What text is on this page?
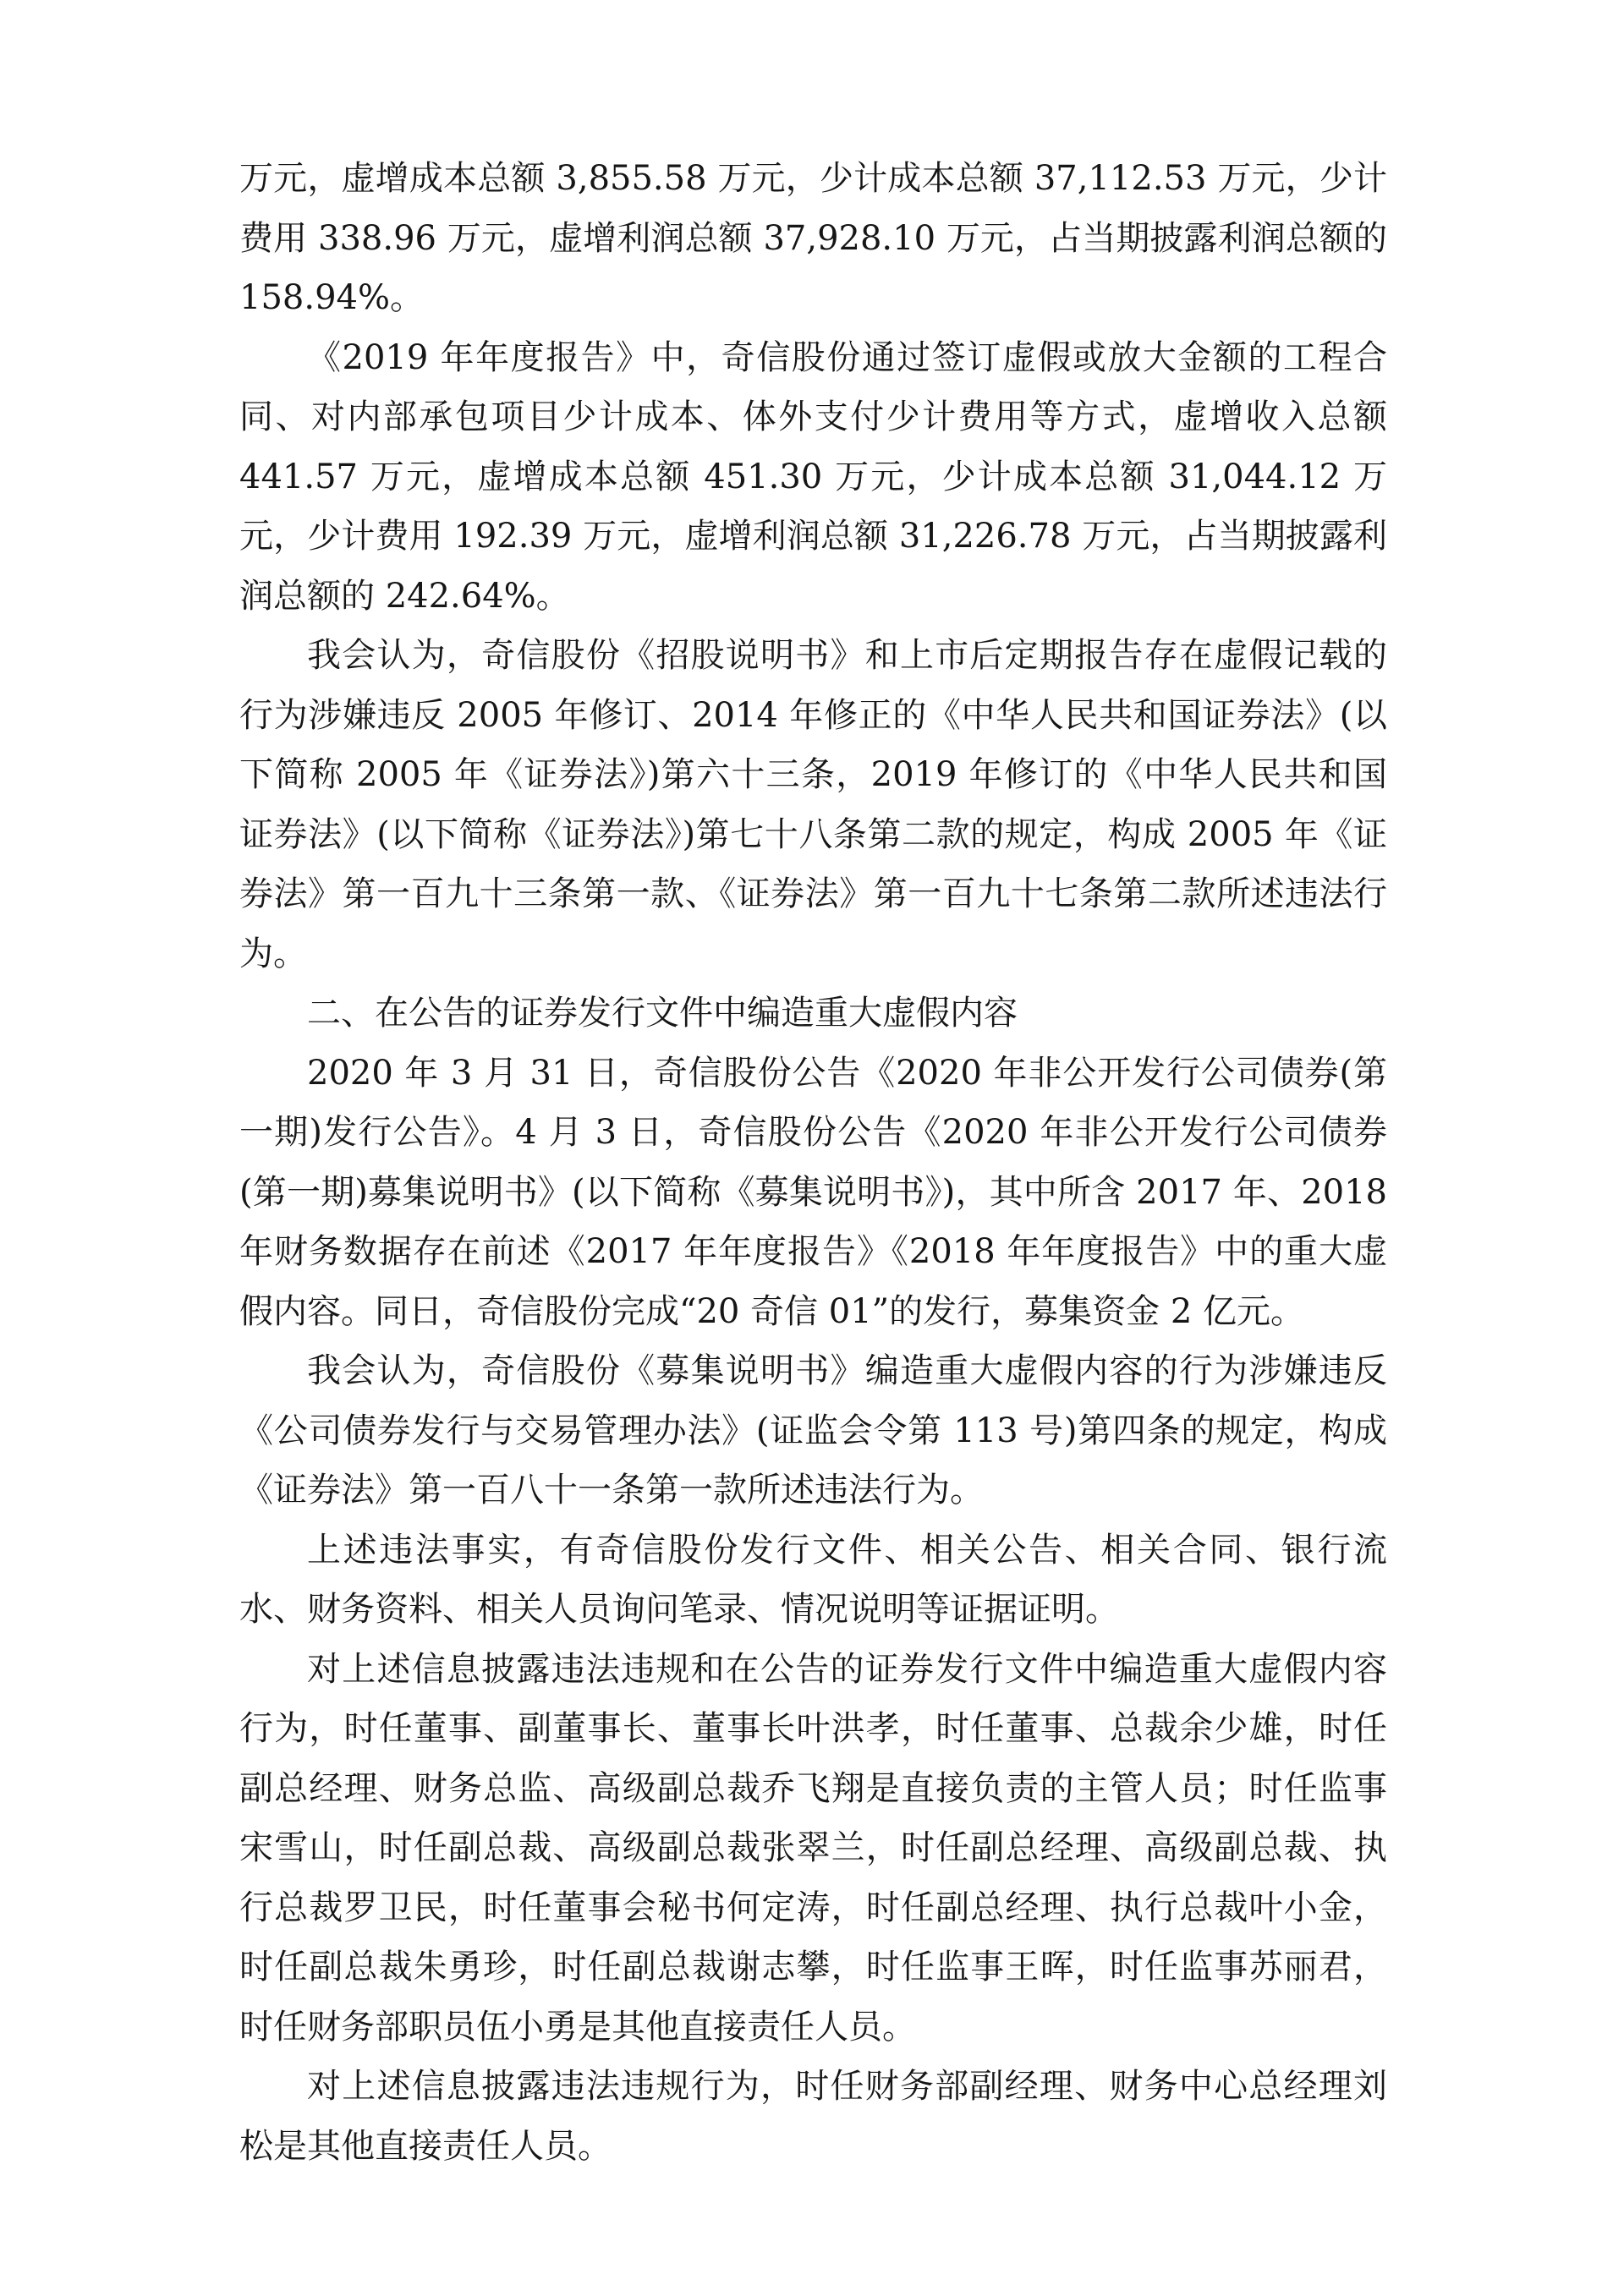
万元，虚增成本总额 3,855.58 万元，少计成本总额 37,112.53 万元，少计费用 338.96 万元，虚增利润总额 37,928.10 万元，占当期披露利润总额的 158.94%。

《2019 年年度报告》中，奇信股份通过签订虚假或放大金额的工程合同、对内部承包项目少计成本、体外支付少计费用等方式，虚增收入总额 441.57 万元，虚增成本总额 451.30 万元，少计成本总额 31,044.12 万元，少计费用 192.39 万元，虚增利润总额 31,226.78 万元，占当期披露利润总额的 242.64%。

我会认为，奇信股份《招股说明书》和上市后定期报告存在虚假记载的行为涉嫌违反 2005 年修订、2014 年修正的《中华人民共和国证券法》(以下简称 2005 年《证券法》)第六十三条，2019 年修订的《中华人民共和国证券法》(以下简称《证券法》)第七十八条第二款的规定，构成 2005 年《证券法》第一百九十三条第一款、《证券法》第一百九十七条第二款所述违法行为。

二、在公告的证券发行文件中编造重大虚假内容

2020 年 3 月 31 日，奇信股份公告《2020 年非公开发行公司债券(第一期)发行公告》。4 月 3 日，奇信股份公告《2020 年非公开发行公司债券(第一期)募集说明书》(以下简称《募集说明书》)，其中所含 2017 年、2018 年财务数据存在前述《2017 年年度报告》《2018 年年度报告》中的重大虚假内容。同日，奇信股份完成“20 奇信 01”的发行，募集资金 2 亿元。

我会认为，奇信股份《募集说明书》编造重大虚假内容的行为涉嫌违反《公司债券发行与交易管理办法》(证监会令第 113 号)第四条的规定，构成《证券法》第一百八十一条第一款所述违法行为。

上述违法事实，有奇信股份发行文件、相关公告、相关合同、银行流水、财务资料、相关人员询问笔录、情况说明等证据证明。

对上述信息披露违法违规和在公告的证券发行文件中编造重大虚假内容行为，时任董事、副董事长、董事长叶洪孝，时任董事、总裁余少雄，时任副总经理、财务总监、高级副总裁乔飞翔是直接负责的主管人员；时任监事宋雪山，时任副总裁、高级副总裁张翠兰，时任副总经理、高级副总裁、执行总裁罗卫民，时任董事会秘书何定涛，时任副总经理、执行总裁叶小金，时任副总裁朱勇珍，时任副总裁谢志攀，时任监事王晖，时任监事苏丽君，时任财务部职员伍小勇是其他直接责任人员。

对上述信息披露违法违规行为，时任财务部副经理、财务中心总经理刘松是其他直接责任人员。
